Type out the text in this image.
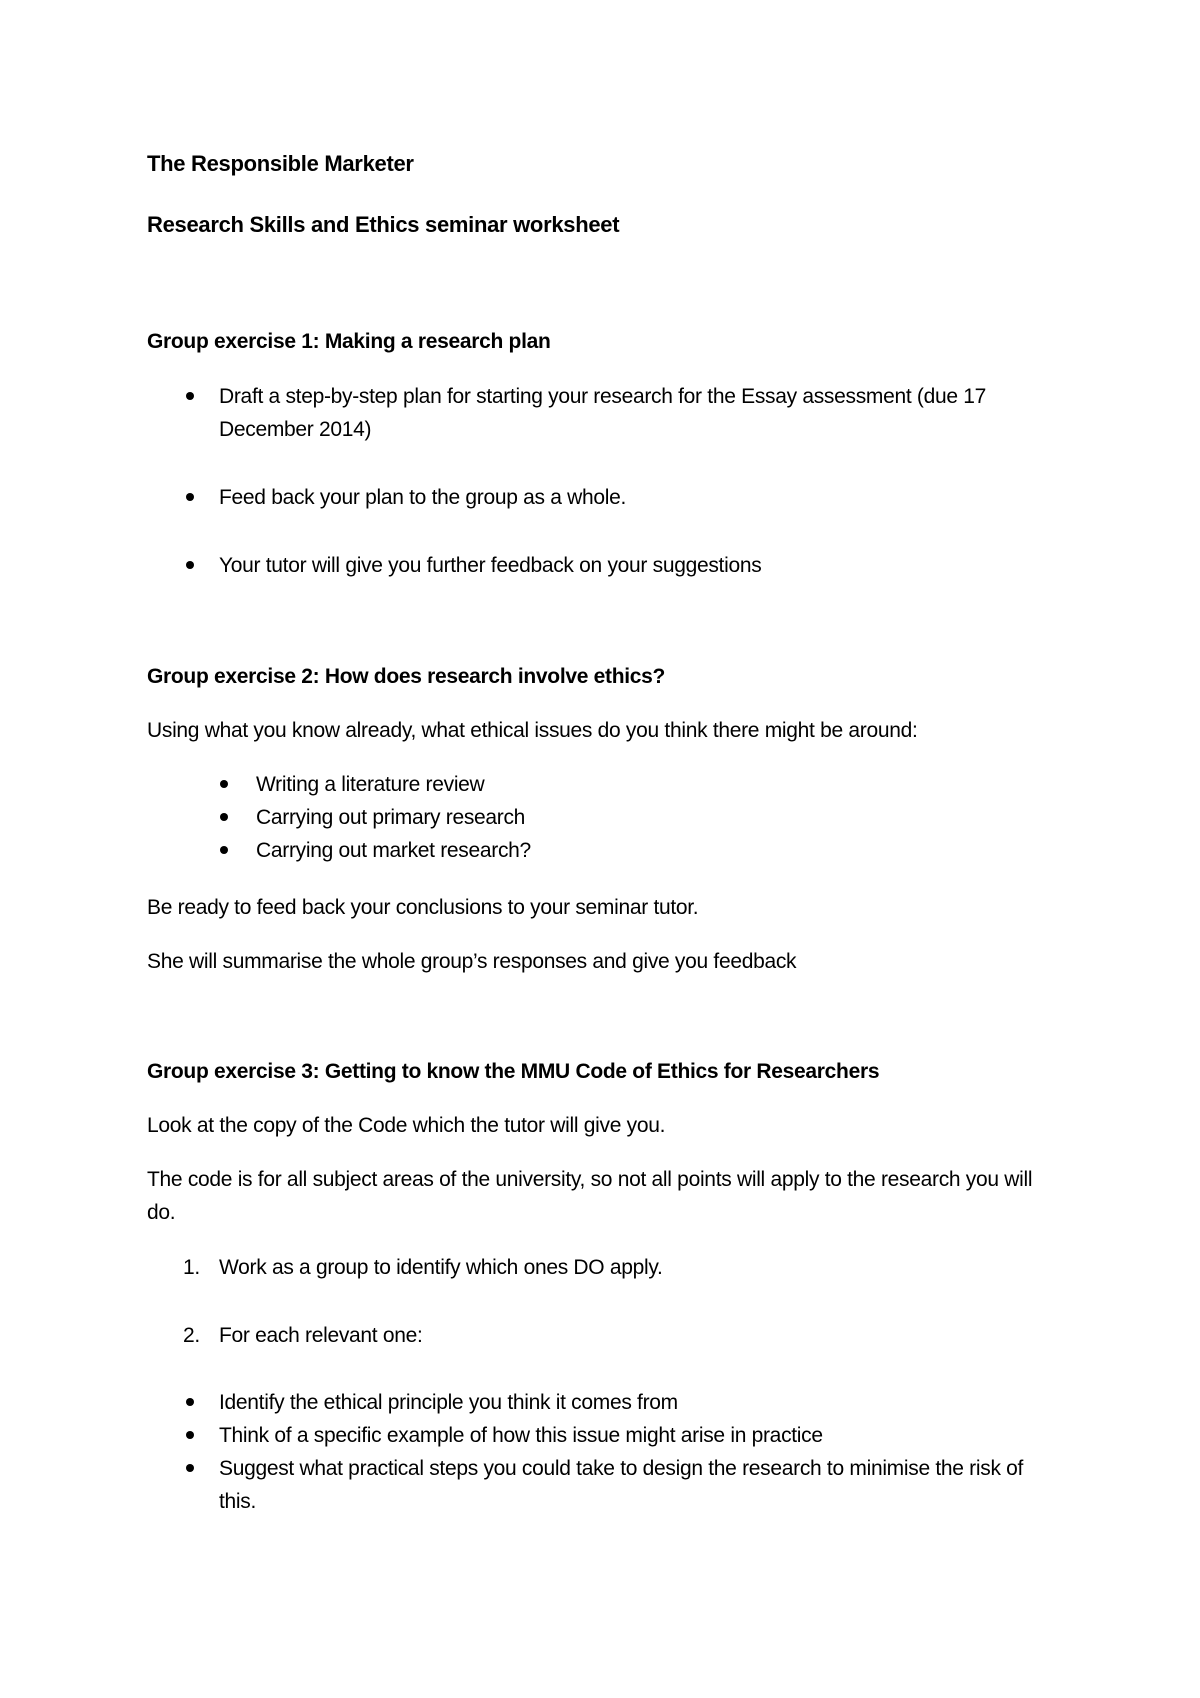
The Responsible Marketer

Research Skills and Ethics seminar worksheet

Group exercise 1: Making a research plan

Draft a step-by-step plan for starting your research for the Essay assessment (due 17 December 2014)
Feed back your plan to the group as a whole.
Your tutor will give you further feedback on your suggestions

Group exercise 2: How does research involve ethics?

Using what you know already, what ethical issues do you think there might be around:

Writing a literature review
Carrying out primary research
Carrying out market research?

Be ready to feed back your conclusions to your seminar tutor.

She will summarise the whole group’s responses and give you feedback

Group exercise 3: Getting to know the MMU Code of Ethics for Researchers

Look at the copy of the Code which the tutor will give you.

The code is for all subject areas of the university, so not all points will apply to the research you will do.

1. Work as a group to identify which ones DO apply.
2. For each relevant one:
Identify the ethical principle you think it comes from
Think of a specific example of how this issue might arise in practice
Suggest what practical steps you could take to design the research to minimise the risk of this.
